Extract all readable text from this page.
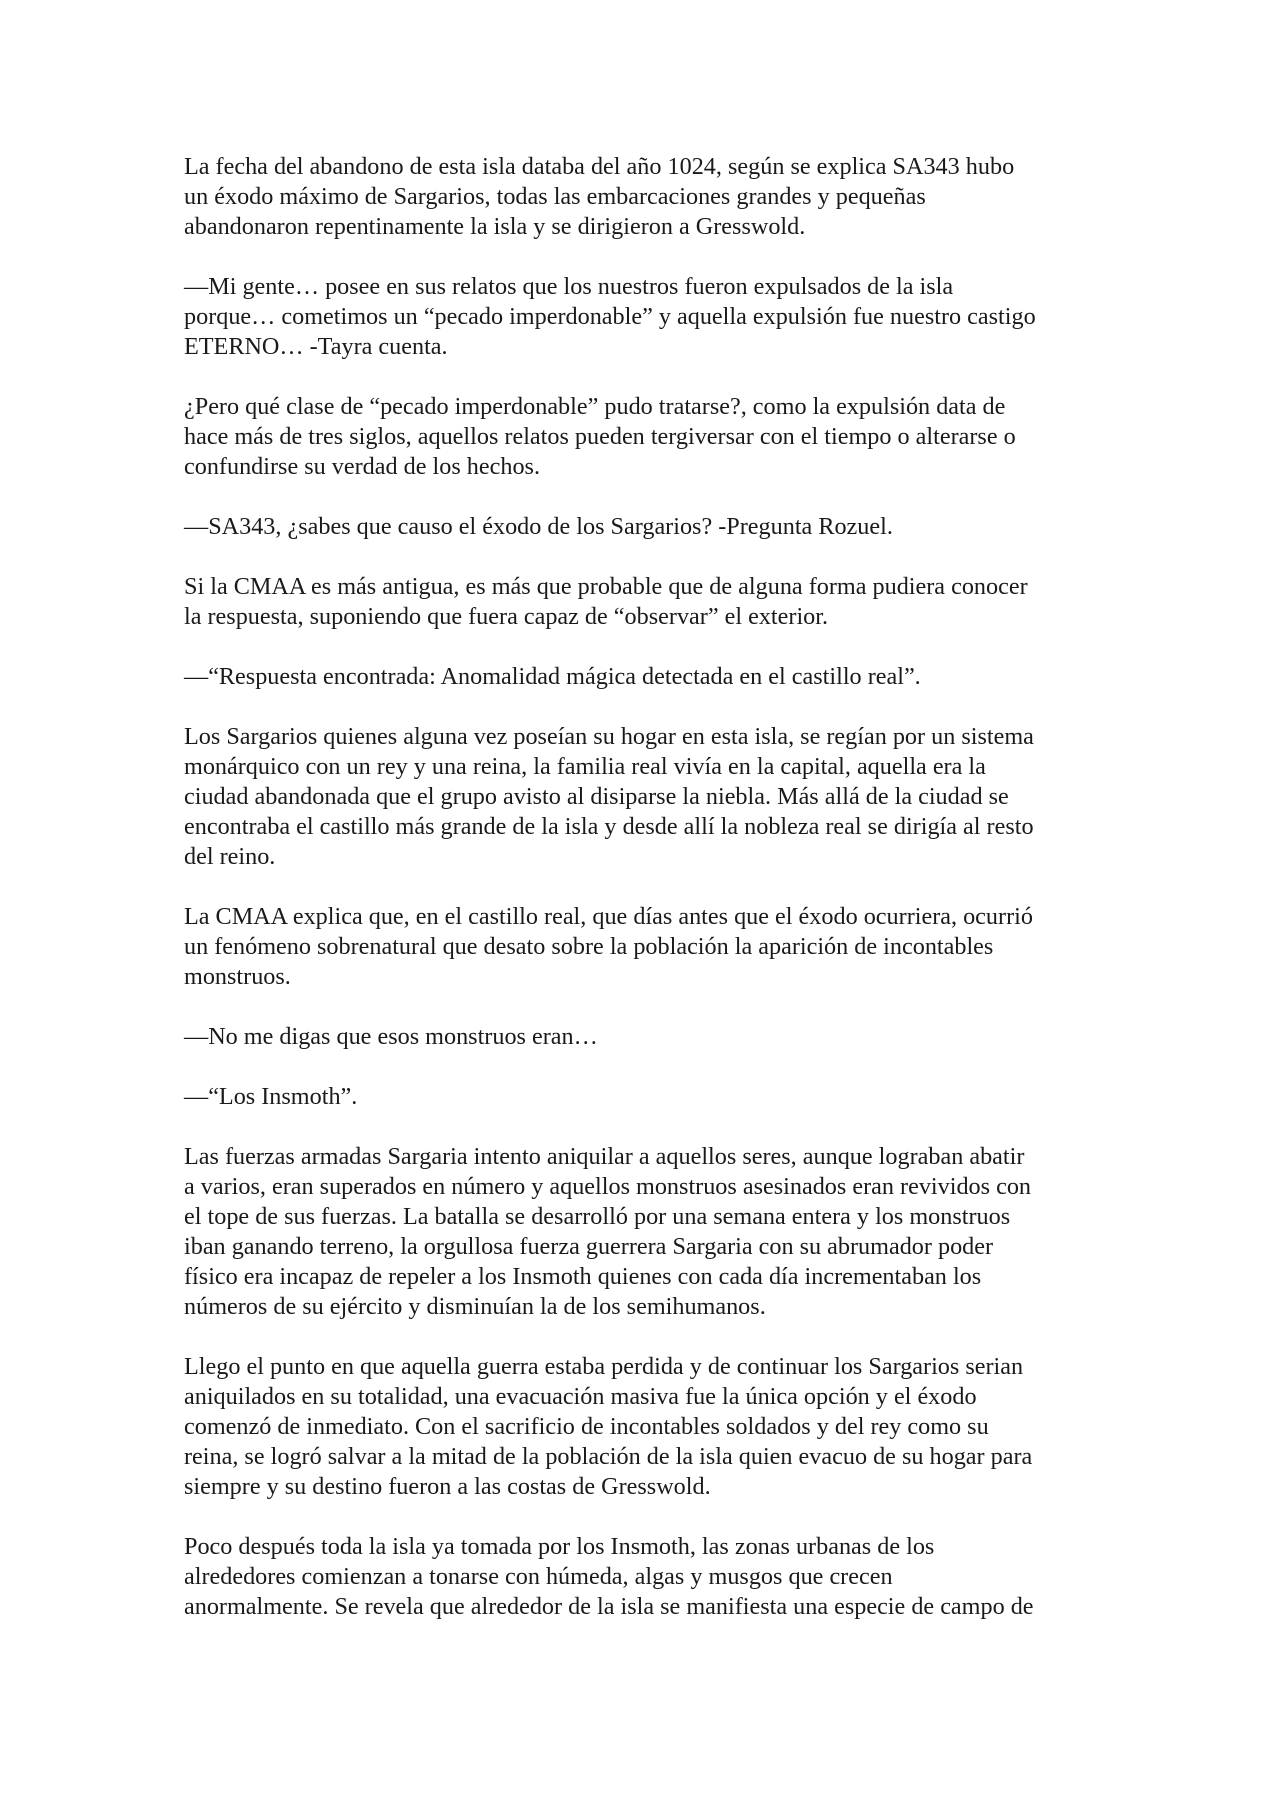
La fecha del abandono de esta isla databa del año 1024, según se explica SA343 hubo
un éxodo máximo de Sargarios, todas las embarcaciones grandes y pequeñas
abandonaron repentinamente la isla y se dirigieron a Gresswold.

—Mi gente… posee en sus relatos que los nuestros fueron expulsados de la isla
porque… cometimos un “pecado imperdonable” y aquella expulsión fue nuestro castigo
ETERNO… -Tayra cuenta.

¿Pero qué clase de “pecado imperdonable” pudo tratarse?, como la expulsión data de
hace más de tres siglos, aquellos relatos pueden tergiversar con el tiempo o alterarse o
confundirse su verdad de los hechos.

—SA343, ¿sabes que causo el éxodo de los Sargarios? -Pregunta Rozuel.

Si la CMAA es más antigua, es más que probable que de alguna forma pudiera conocer
la respuesta, suponiendo que fuera capaz de “observar” el exterior.

—“Respuesta encontrada: Anomalidad mágica detectada en el castillo real”.

Los Sargarios quienes alguna vez poseían su hogar en esta isla, se regían por un sistema
monárquico con un rey y una reina, la familia real vivía en la capital, aquella era la
ciudad abandonada que el grupo avisto al disiparse la niebla. Más allá de la ciudad se
encontraba el castillo más grande de la isla y desde allí la nobleza real se dirigía al resto
del reino.

La CMAA explica que, en el castillo real, que días antes que el éxodo ocurriera, ocurrió
un fenómeno sobrenatural que desato sobre la población la aparición de incontables
monstruos.

—No me digas que esos monstruos eran…

—“Los Insmoth”.

Las fuerzas armadas Sargaria intento aniquilar a aquellos seres, aunque lograban abatir
a varios, eran superados en número y aquellos monstruos asesinados eran revividos con
el tope de sus fuerzas. La batalla se desarrolló por una semana entera y los monstruos
iban ganando terreno, la orgullosa fuerza guerrera Sargaria con su abrumador poder
físico era incapaz de repeler a los Insmoth quienes con cada día incrementaban los
números de su ejército y disminuían la de los semihumanos.

Llego el punto en que aquella guerra estaba perdida y de continuar los Sargarios serian
aniquilados en su totalidad, una evacuación masiva fue la única opción y el éxodo
comenzó de inmediato. Con el sacrificio de incontables soldados y del rey como su
reina, se logró salvar a la mitad de la población de la isla quien evacuo de su hogar para
siempre y su destino fueron a las costas de Gresswold.

Poco después toda la isla ya tomada por los Insmoth, las zonas urbanas de los
alrededores comienzan a tonarse con húmeda, algas y musgos que crecen
anormalmente. Se revela que alrededor de la isla se manifiesta una especie de campo de
